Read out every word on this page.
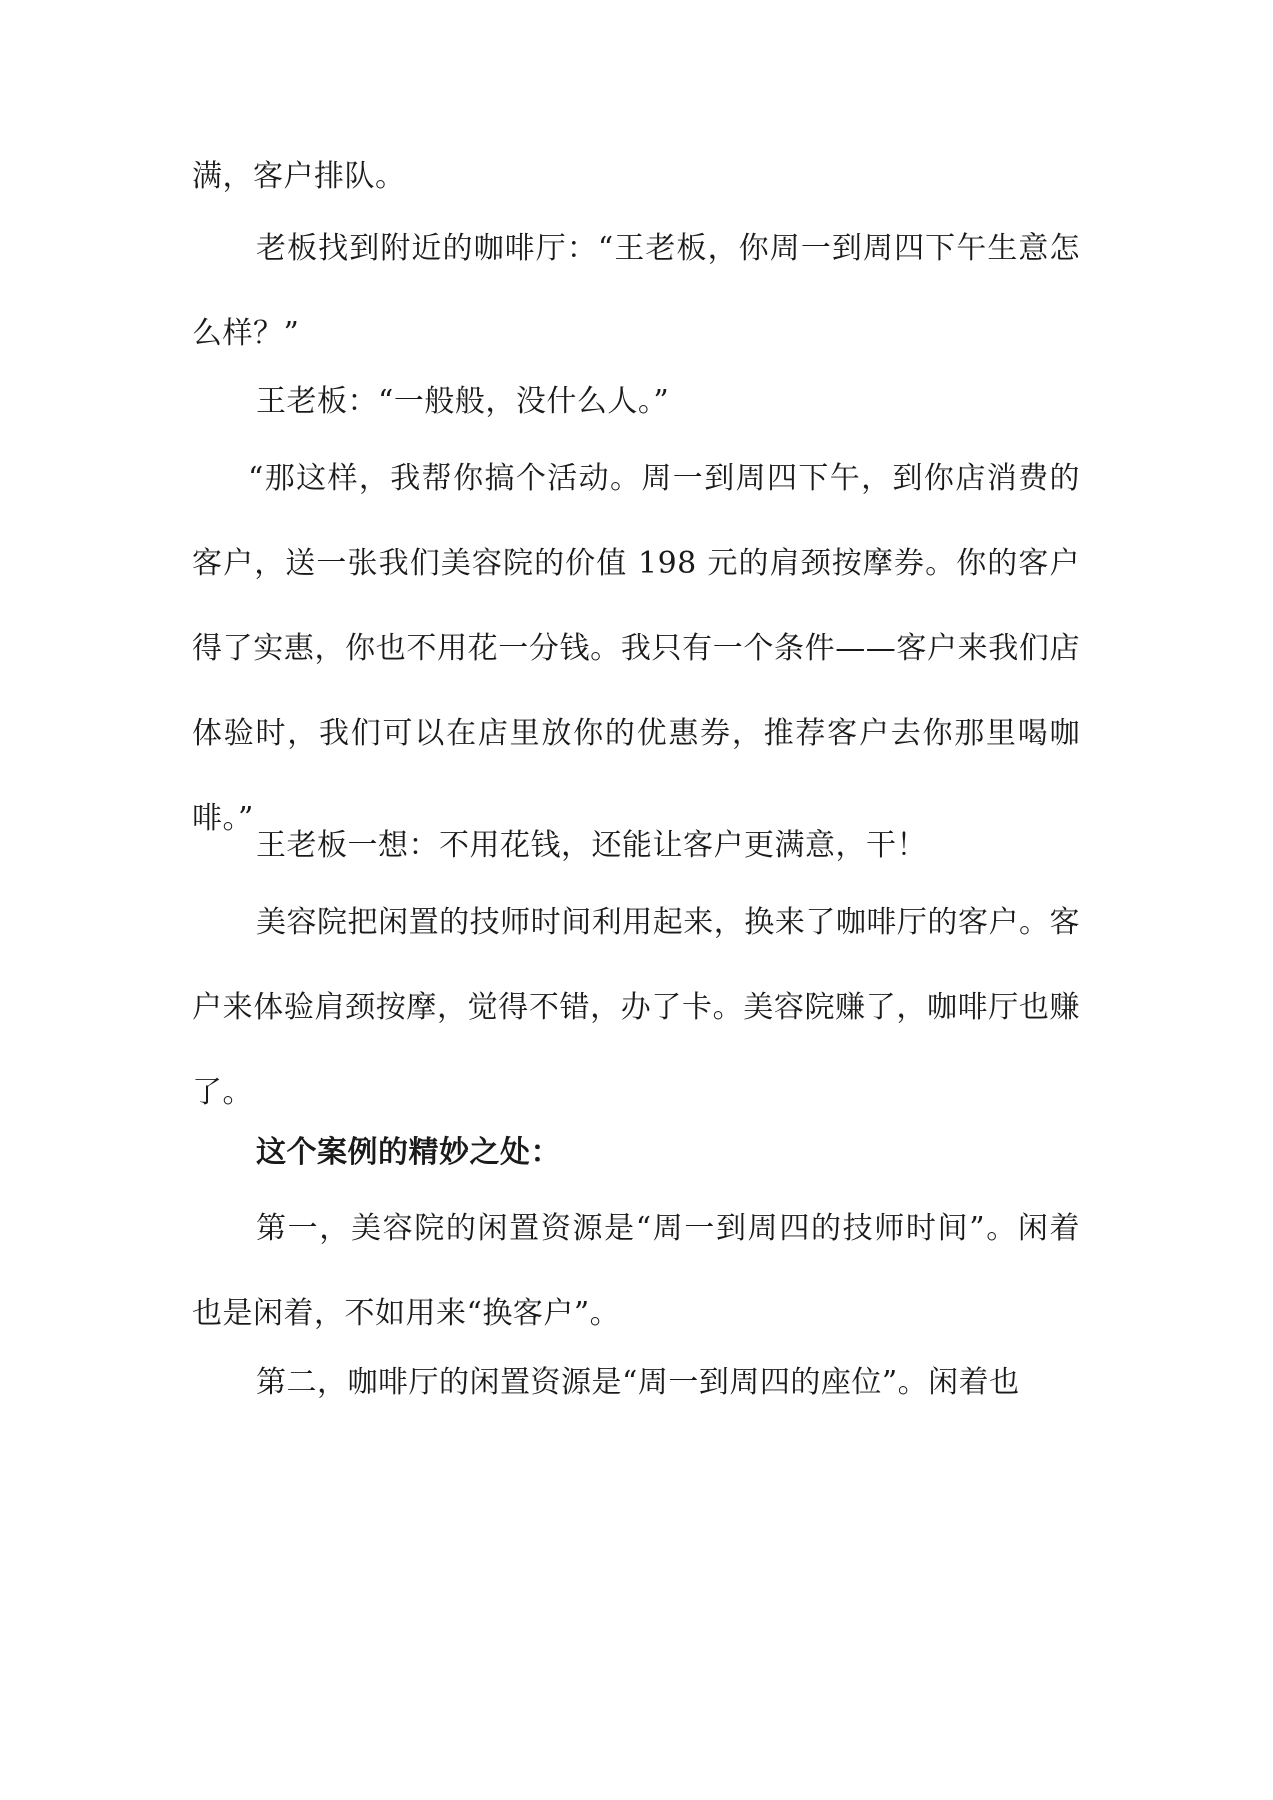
满，客户排队。

老板找到附近的咖啡厅：“王老板，你周一到周四下午生意怎么样？”

王老板：“一般般，没什么人。”

“那这样，我帮你搞个活动。周一到周四下午，到你店消费的客户，送一张我们美容院的价值 198 元的肩颈按摩券。你的客户得了实惠，你也不用花一分钱。我只有一个条件——客户来我们店体验时，我们可以在店里放你的优惠券，推荐客户去你那里喝咖啡。”

王老板一想：不用花钱，还能让客户更满意，干！

美容院把闲置的技师时间利用起来，换来了咖啡厅的客户。客户来体验肩颈按摩，觉得不错，办了卡。美容院赚了，咖啡厅也赚了。

这个案例的精妙之处：

第一，美容院的闲置资源是“周一到周四的技师时间”。闲着也是闲着，不如用来“换客户”。

第二，咖啡厅的闲置资源是“周一到周四的座位”。闲着也
